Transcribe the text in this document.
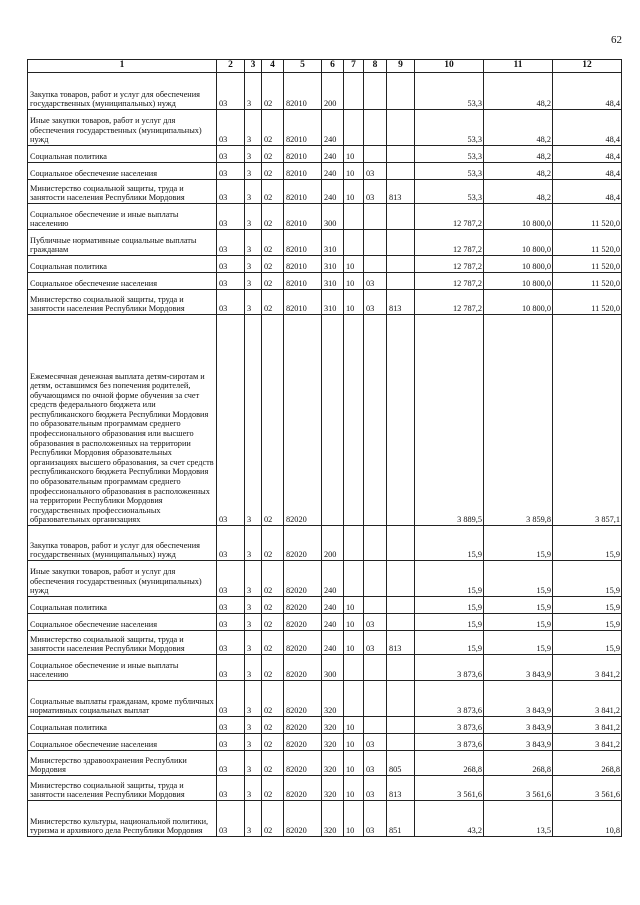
62
1	2	3	4	5	6	7	8	9	10	11	12
Закупка товаров, работ и услуг для обеспечения государственных (муниципальных) нужд	03	3	02	82010	200				53,3	48,2	48,4
Иные закупки товаров, работ и услуг для обеспечения государственных (муниципальных) нужд	03	3	02	82010	240				53,3	48,2	48,4
Социальная политика	03	3	02	82010	240	10			53,3	48,2	48,4
Социальное обеспечение населения	03	3	02	82010	240	10	03		53,3	48,2	48,4
Министерство социальной защиты, труда и занятости населения Республики Мордовия	03	3	02	82010	240	10	03	813	53,3	48,2	48,4
Социальное обеспечение и иные выплаты населению	03	3	02	82010	300				12 787,2	10 800,0	11 520,0
Публичные нормативные социальные выплаты гражданам	03	3	02	82010	310				12 787,2	10 800,0	11 520,0
Социальная политика	03	3	02	82010	310	10			12 787,2	10 800,0	11 520,0
Социальное обеспечение населения	03	3	02	82010	310	10	03		12 787,2	10 800,0	11 520,0
Министерство социальной защиты, труда и занятости населения Республики Мордовия	03	3	02	82010	310	10	03	813	12 787,2	10 800,0	11 520,0
Ежемесячная денежная выплата детям-сиротам и детям, оставшимся без попечения родителей, обучающимся по очной форме обучения за счет средств федерального бюджета или республиканского бюджета Республики Мордовия по образовательным программам среднего профессионального образования или высшего образования в расположенных на территории Республики Мордовия образовательных организациях высшего образования, за счет средств республиканского бюджета Республики Мордовия по образовательным программам среднего профессионального образования в расположенных на территории Республики Мордовия государственных профессиональных образовательных организациях	03	3	02	82020					3 889,5	3 859,8	3 857,1
Закупка товаров, работ и услуг для обеспечения государственных (муниципальных) нужд	03	3	02	82020	200				15,9	15,9	15,9
Иные закупки товаров, работ и услуг для обеспечения государственных (муниципальных) нужд	03	3	02	82020	240				15,9	15,9	15,9
Социальная политика	03	3	02	82020	240	10			15,9	15,9	15,9
Социальное обеспечение населения	03	3	02	82020	240	10	03		15,9	15,9	15,9
Министерство социальной защиты, труда и занятости населения Республики Мордовия	03	3	02	82020	240	10	03	813	15,9	15,9	15,9
Социальное обеспечение и иные выплаты населению	03	3	02	82020	300				3 873,6	3 843,9	3 841,2
Социальные выплаты гражданам, кроме публичных нормативных социальных выплат	03	3	02	82020	320				3 873,6	3 843,9	3 841,2
Социальная политика	03	3	02	82020	320	10			3 873,6	3 843,9	3 841,2
Социальное обеспечение населения	03	3	02	82020	320	10	03		3 873,6	3 843,9	3 841,2
Министерство здравоохранения Республики Мордовия	03	3	02	82020	320	10	03	805	268,8	268,8	268,8
Министерство социальной защиты, труда и занятости населения Республики Мордовия	03	3	02	82020	320	10	03	813	3 561,6	3 561,6	3 561,6
Министерство культуры, национальной политики, туризма и архивного дела Республики Мордовия	03	3	02	82020	320	10	03	851	43,2	13,5	10,8
